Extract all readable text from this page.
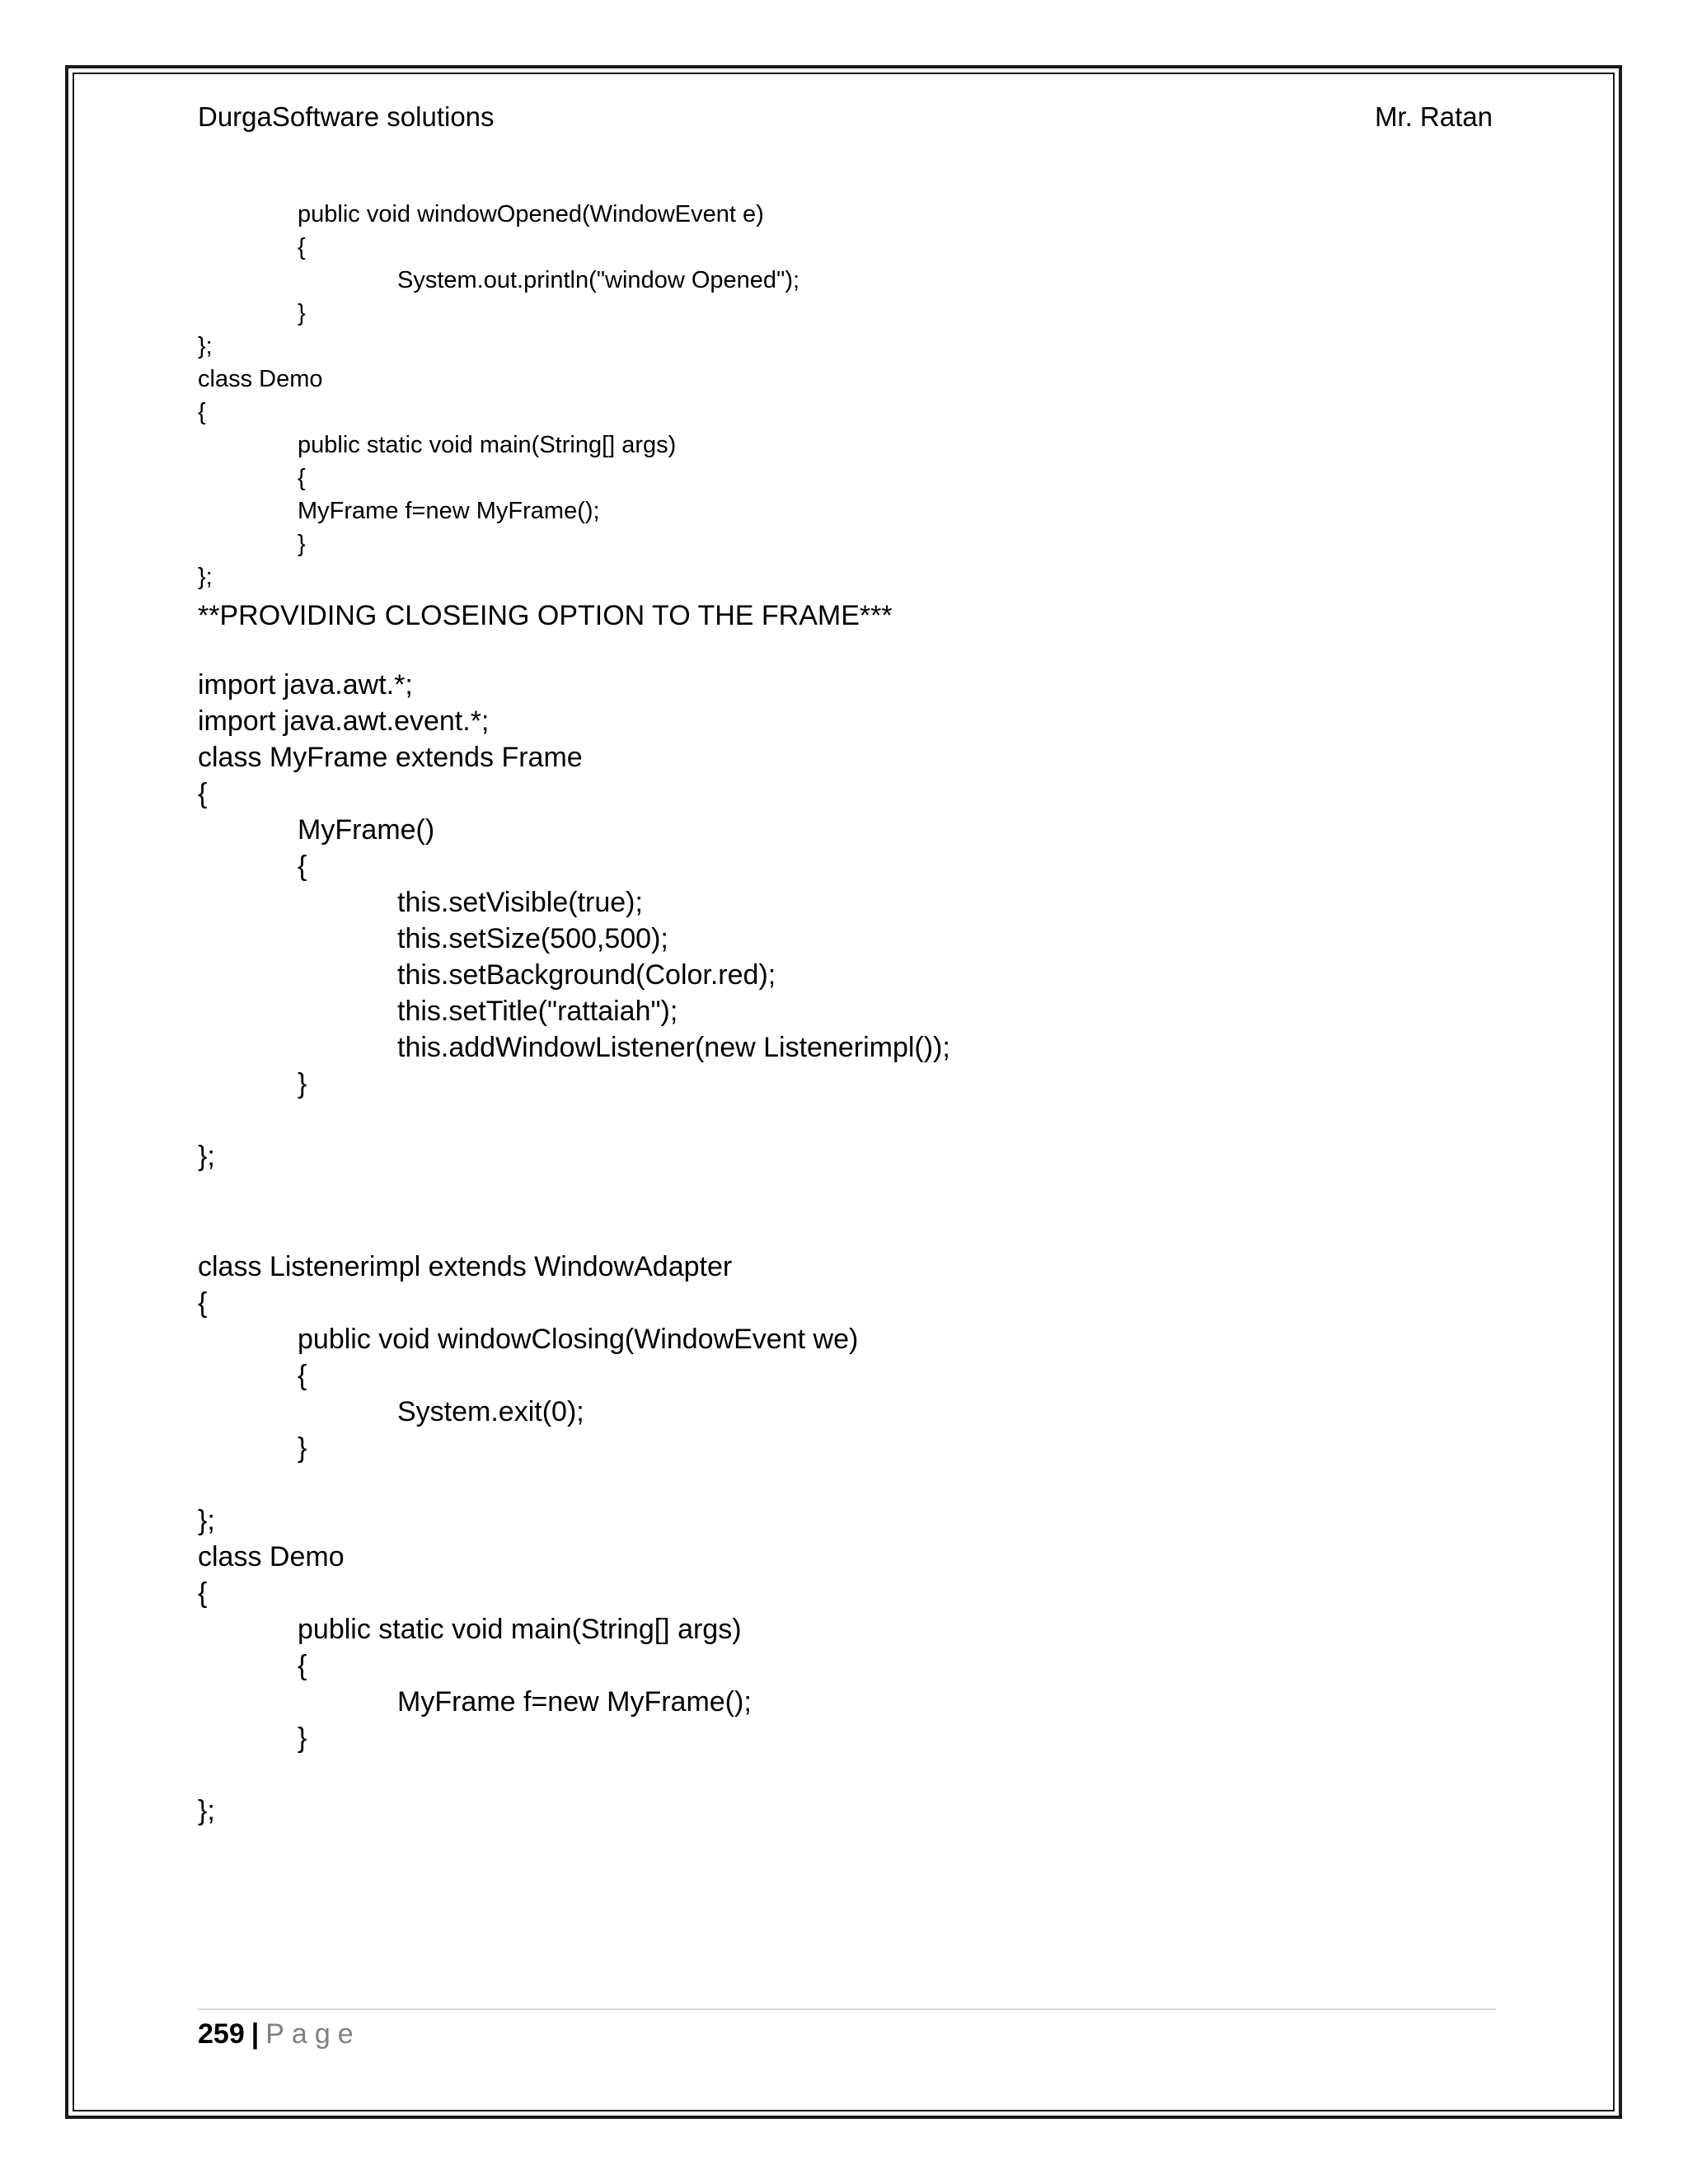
DurgaSoftware solutions	Mr. Ratan
public void windowOpened(WindowEvent e)
{
System.out.println("window Opened");
}
};
class Demo
{
public static void main(String[] args)
{
MyFrame f=new MyFrame();
}
};
**PROVIDING CLOSEING OPTION TO THE FRAME***
import java.awt.*;
import java.awt.event.*;
class MyFrame extends Frame
{
MyFrame()
{
this.setVisible(true);
this.setSize(500,500);
this.setBackground(Color.red);
this.setTitle("rattaiah");
this.addWindowListener(new Listenerimpl());
}
};
class Listenerimpl extends WindowAdapter
{
public void windowClosing(WindowEvent we)
{
System.exit(0);
}
};
class Demo
{
public static void main(String[] args)
{
MyFrame f=new MyFrame();
}
};
259 | Page
